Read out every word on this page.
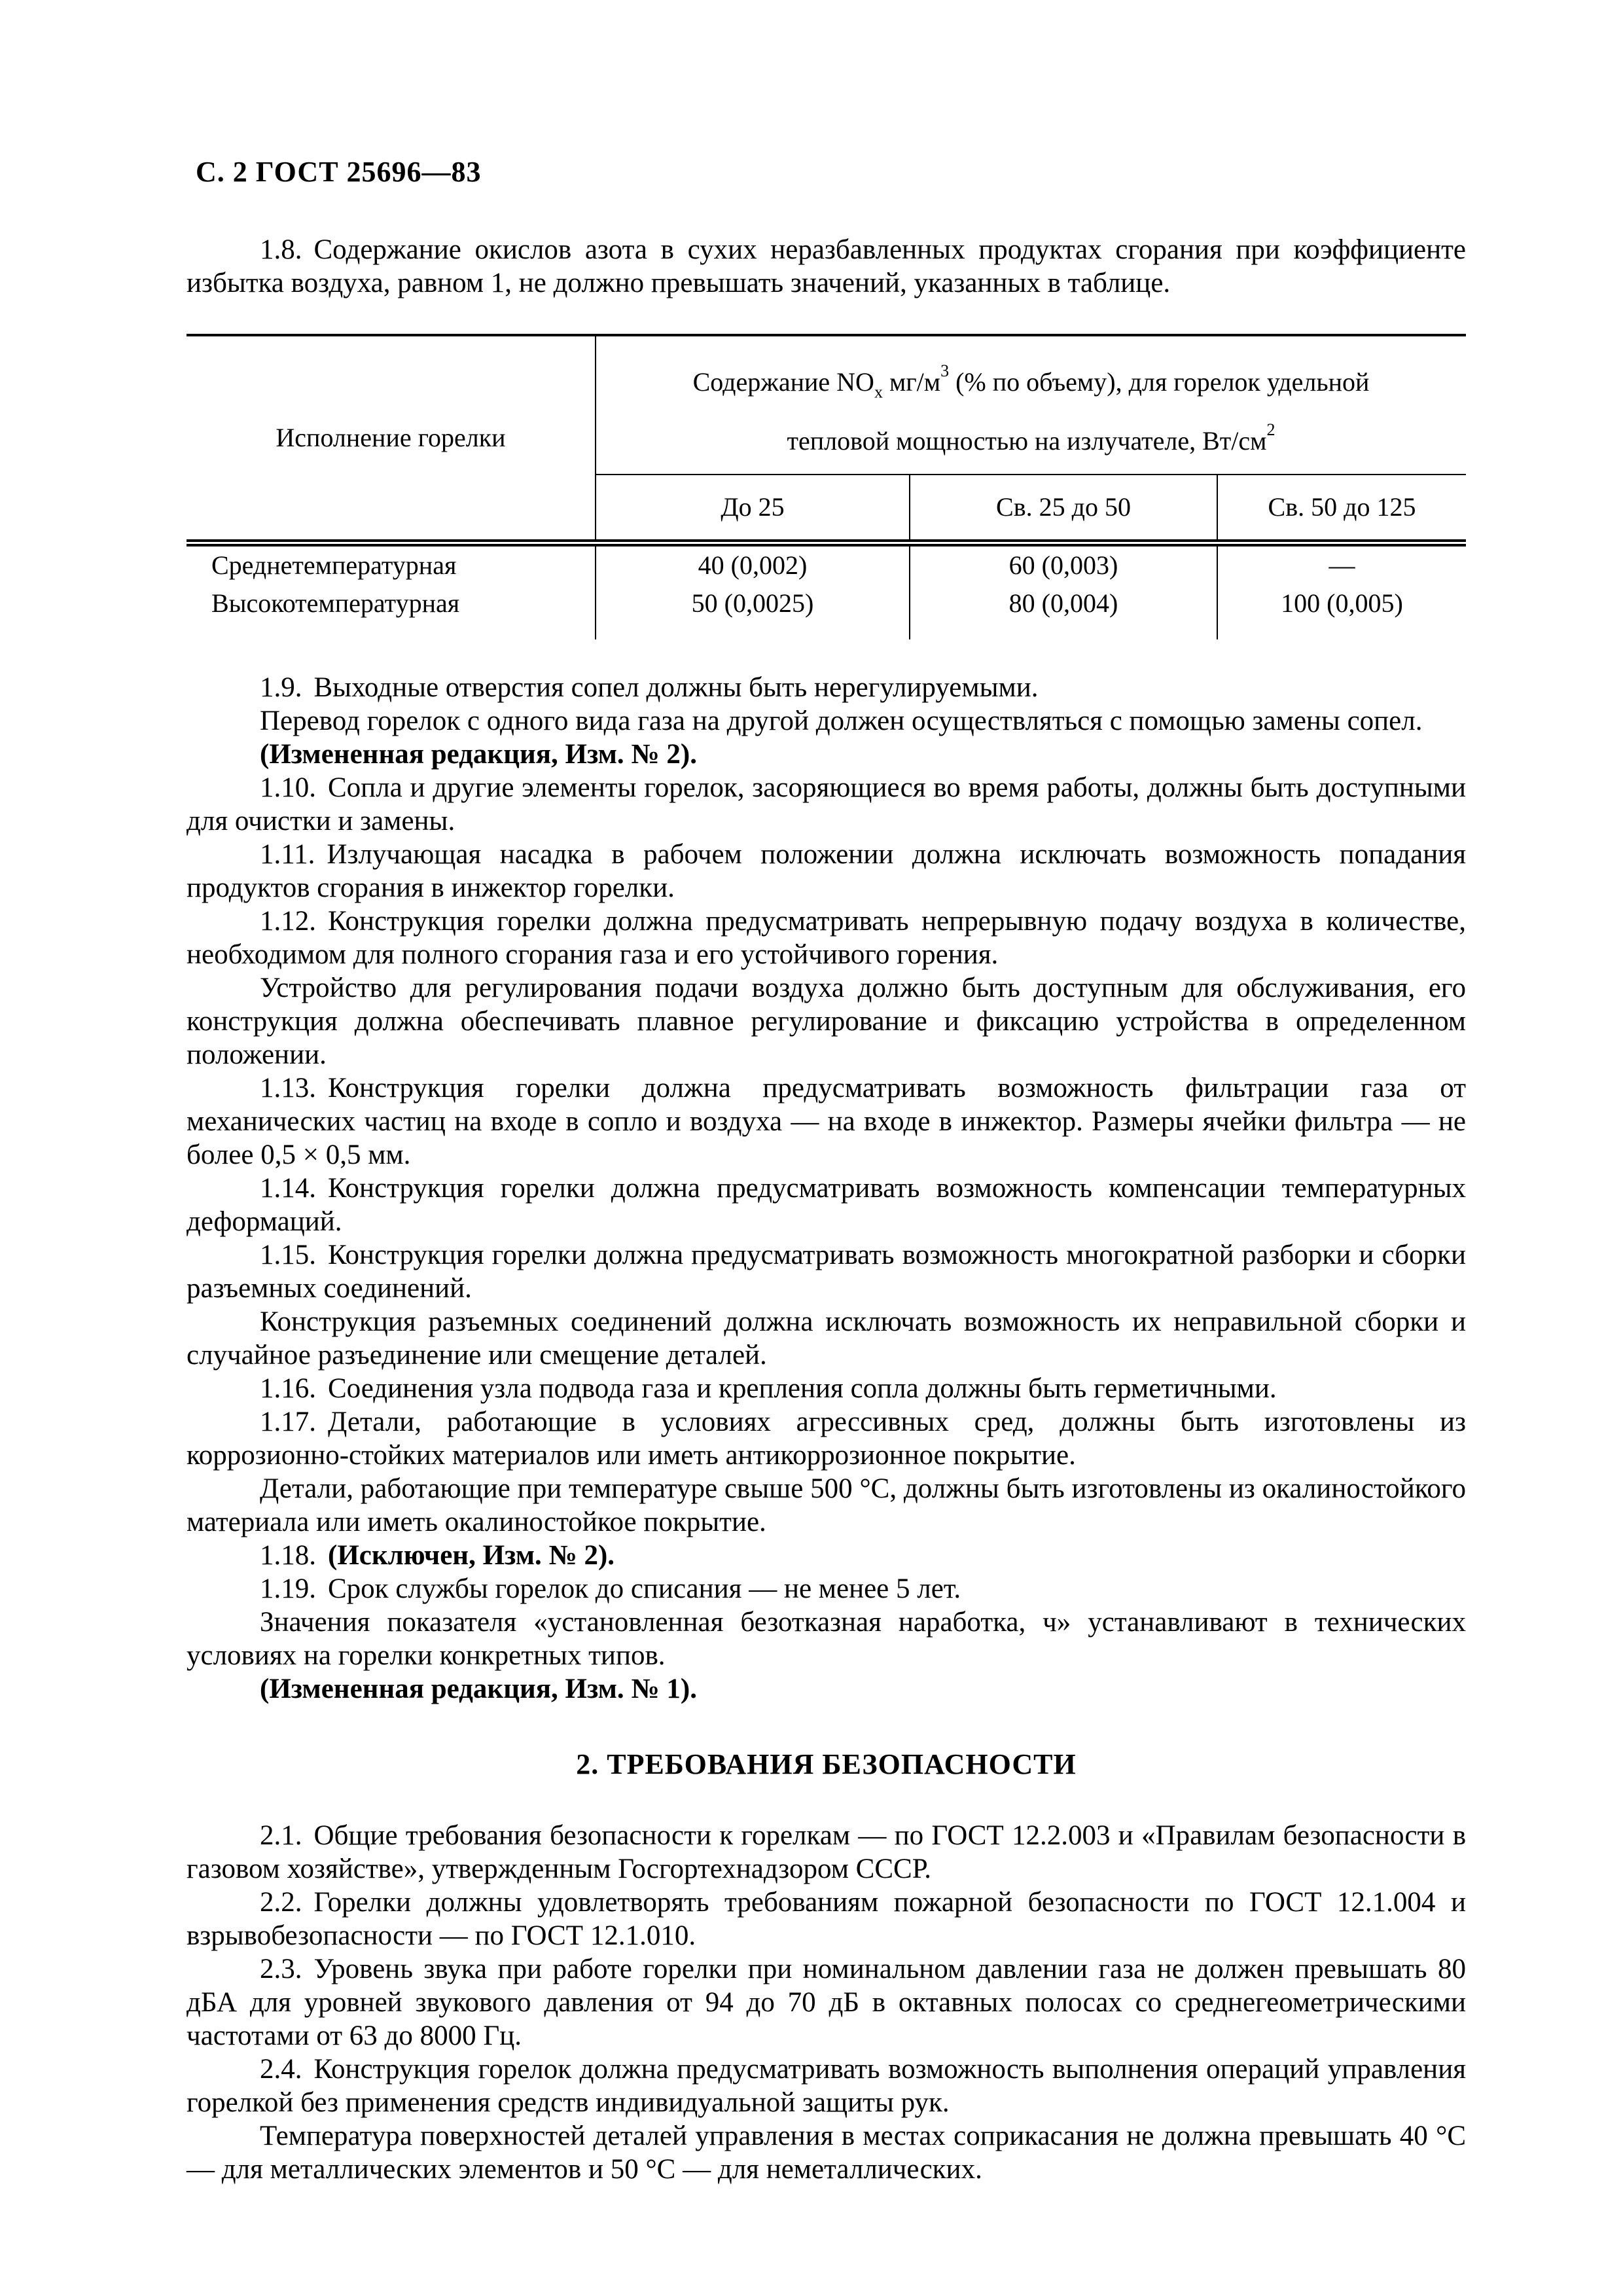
С. 2 ГОСТ 25696—83

1.8. Содержание окислов азота в сухих неразбавленных продуктах сгорания при коэффициенте избытка воздуха, равном 1, не должно превышать значений, указанных в таблице.

Исполнение горелки	Содержание $NO_x$ $мг/м^3$ (% по объему), для горелок удельной тепловой мощностью на излучателе, $Вт/см^2$
	До 25	Св. 25 до 50	Св. 50 до 125
Среднетемпературная	40 (0,002)	60 (0,003)	—
Высокотемпературная	50 (0,0025)	80 (0,004)	100 (0,005)

1.9. Выходные отверстия сопел должны быть нерегулируемыми.

Перевод горелок с одного вида газа на другой должен осуществляться с помощью замены сопел.

(Измененная редакция, Изм. № 2).

1.10. Сопла и другие элементы горелок, засоряющиеся во время работы, должны быть доступными для очистки и замены.

1.11. Излучающая насадка в рабочем положении должна исключать возможность попадания продуктов сгорания в инжектор горелки.

1.12. Конструкция горелки должна предусматривать непрерывную подачу воздуха в количестве, необходимом для полного сгорания газа и его устойчивого горения.

Устройство для регулирования подачи воздуха должно быть доступным для обслуживания, его конструкция должна обеспечивать плавное регулирование и фиксацию устройства в определенном положении.

1.13. Конструкция горелки должна предусматривать возможность фильтрации газа от механических частиц на входе в сопло и воздуха — на входе в инжектор. Размеры ячейки фильтра — не более 0,5 × 0,5 мм.

1.14. Конструкция горелки должна предусматривать возможность компенсации температурных деформаций.

1.15. Конструкция горелки должна предусматривать возможность многократной разборки и сборки разъемных соединений.

Конструкция разъемных соединений должна исключать возможность их неправильной сборки и случайное разъединение или смещение деталей.

1.16. Соединения узла подвода газа и крепления сопла должны быть герметичными.

1.17. Детали, работающие в условиях агрессивных сред, должны быть изготовлены из коррозионно-стойких материалов или иметь антикоррозионное покрытие.

Детали, работающие при температуре свыше 500 °С, должны быть изготовлены из окалиностойкого материала или иметь окалиностойкое покрытие.

1.18. (Исключен, Изм. № 2).

1.19. Срок службы горелок до списания — не менее 5 лет.

Значения показателя «установленная безотказная наработка, ч» устанавливают в технических условиях на горелки конкретных типов.

(Измененная редакция, Изм. № 1).

2. ТРЕБОВАНИЯ БЕЗОПАСНОСТИ

2.1. Общие требования безопасности к горелкам — по ГОСТ 12.2.003 и «Правилам безопасности в газовом хозяйстве», утвержденным Госгортехнадзором СССР.

2.2. Горелки должны удовлетворять требованиям пожарной безопасности по ГОСТ 12.1.004 и взрывобезопасности — по ГОСТ 12.1.010.

2.3. Уровень звука при работе горелки при номинальном давлении газа не должен превышать 80 дБА для уровней звукового давления от 94 до 70 дБ в октавных полосах со среднегеометрическими частотами от 63 до 8000 Гц.

2.4. Конструкция горелок должна предусматривать возможность выполнения операций управления горелкой без применения средств индивидуальной защиты рук.

Температура поверхностей деталей управления в местах соприкасания не должна превышать 40 °С — для металлических элементов и 50 °С — для неметаллических.
